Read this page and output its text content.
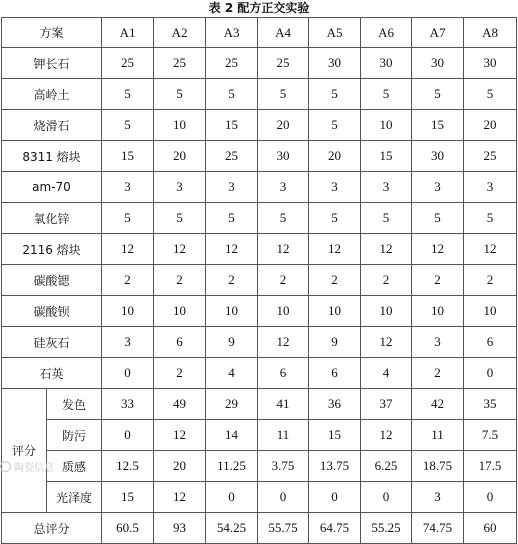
表 2 配方正交实验
方案		A1	A2	A3	A4	A5	A6	A7	A8
钾长石		25	25	25	25	30	30	30	30
高岭土		5	5	5	5	5	5	5	5
烧滑石		5	10	15	20	5	10	15	20
8311 熔块		15	20	25	30	20	15	30	25
am-70		3	3	3	3	3	3	3	3
氧化锌		5	5	5	5	5	5	5	5
2116 熔块		12	12	12	12	12	12	12	12
碳酸锶		2	2	2	2	2	2	2	2
碳酸钡		10	10	10	10	10	10	10	10
硅灰石		3	6	9	12	9	12	3	6
石英		0	2	4	6	6	4	2	0
评分	发色	33	49	29	41	36	37	42	35
	防污	0	12	14	11	15	12	11	7.5
	质感	12.5	20	11.25	3.75	13.75	6.25	18.75	17.5
	光泽度	15	12	0	0	0	0	3	0
总评分		60.5	93	54.25	55.75	64.75	55.25	74.75	60
陶瓷信息
